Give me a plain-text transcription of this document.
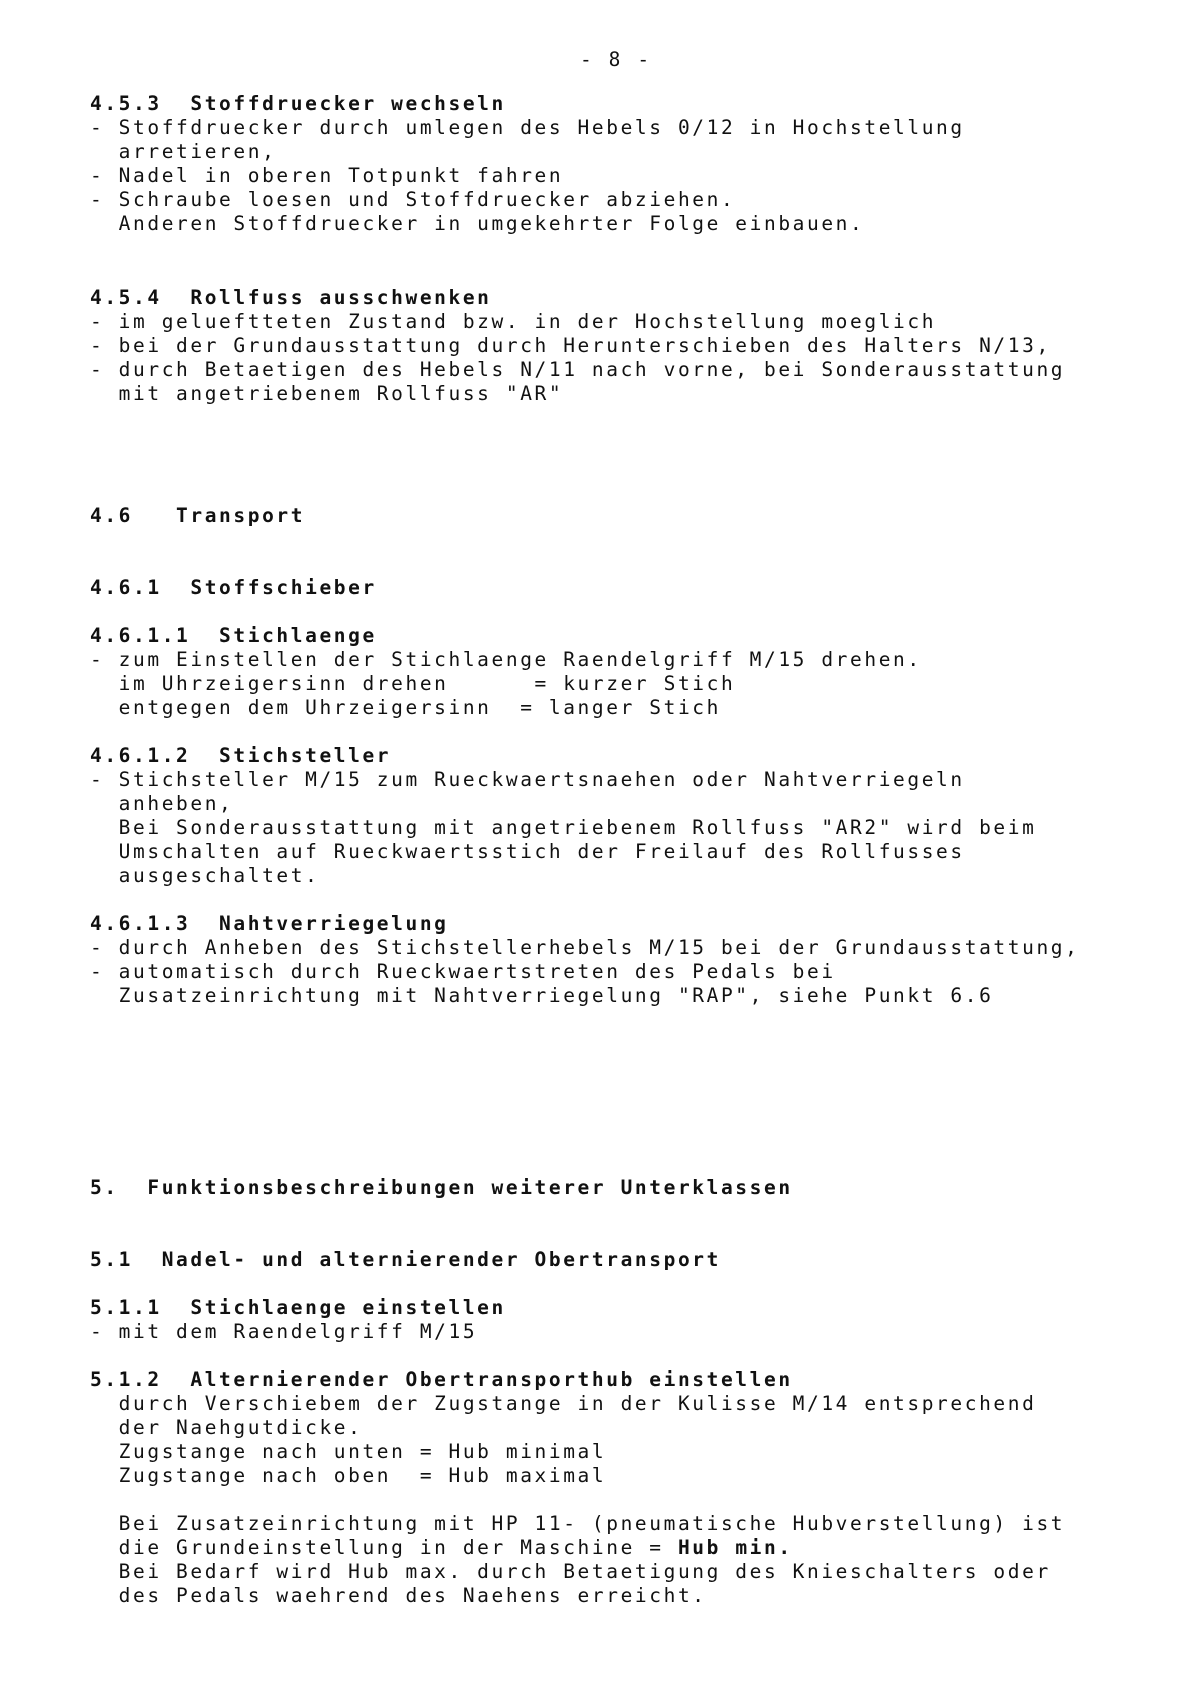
- 8 -
4.5.3  Stoffdruecker wechseln
- Stoffdruecker durch umlegen des Hebels 0/12 in Hochstellung
arretieren,
- Nadel in oberen Totpunkt fahren
- Schraube loesen und Stoffdruecker abziehen.
Anderen Stoffdruecker in umgekehrter Folge einbauen.
4.5.4  Rollfuss ausschwenken
- im gelueftteten Zustand bzw. in der Hochstellung moeglich
- bei der Grundausstattung durch Herunterschieben des Halters N/13,
- durch Betaetigen des Hebels N/11 nach vorne, bei Sonderausstattung
mit angetriebenem Rollfuss "AR"
4.6   Transport
4.6.1  Stoffschieber
4.6.1.1  Stichlaenge
- zum Einstellen der Stichlaenge Raendelgriff M/15 drehen.
im Uhrzeigersinn drehen      = kurzer Stich
entgegen dem Uhrzeigersinn  = langer Stich
4.6.1.2  Stichsteller
- Stichsteller M/15 zum Rueckwaertsnaehen oder Nahtverriegeln
anheben,
Bei Sonderausstattung mit angetriebenem Rollfuss "AR2" wird beim
Umschalten auf Rueckwaertsstich der Freilauf des Rollfusses
ausgeschaltet.
4.6.1.3  Nahtverriegelung
- durch Anheben des Stichstellerhebels M/15 bei der Grundausstattung,
- automatisch durch Rueckwaertstreten des Pedals bei
Zusatzeinrichtung mit Nahtverriegelung "RAP", siehe Punkt 6.6
5.  Funktionsbeschreibungen weiterer Unterklassen
5.1  Nadel- und alternierender Obertransport
5.1.1  Stichlaenge einstellen
- mit dem Raendelgriff M/15
5.1.2  Alternierender Obertransporthub einstellen
durch Verschiebem der Zugstange in der Kulisse M/14 entsprechend
der Naehgutdicke.
Zugstange nach unten = Hub minimal
Zugstange nach oben  = Hub maximal
Bei Zusatzeinrichtung mit HP 11- (pneumatische Hubverstellung) ist
die Grundeinstellung in der Maschine = Hub min.
Bei Bedarf wird Hub max. durch Betaetigung des Knieschalters oder
des Pedals waehrend des Naehens erreicht.
